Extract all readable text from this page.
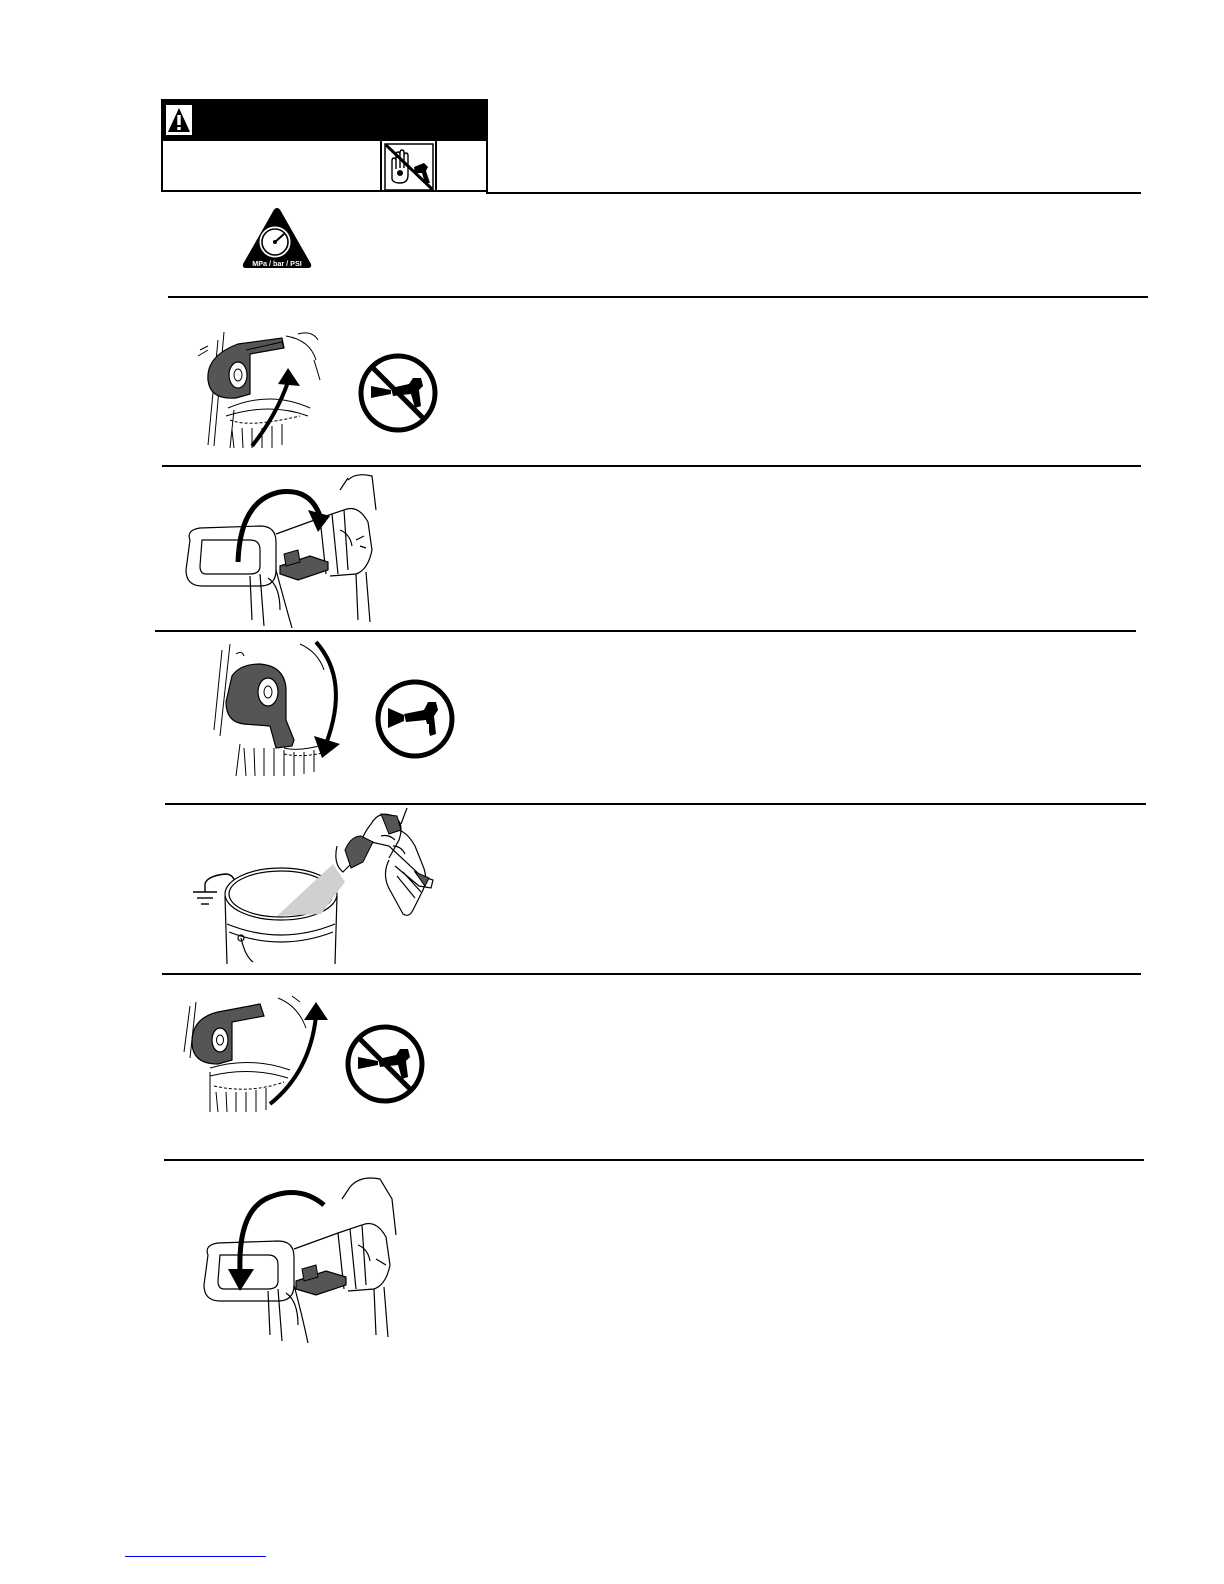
MPa / bar / PSI
